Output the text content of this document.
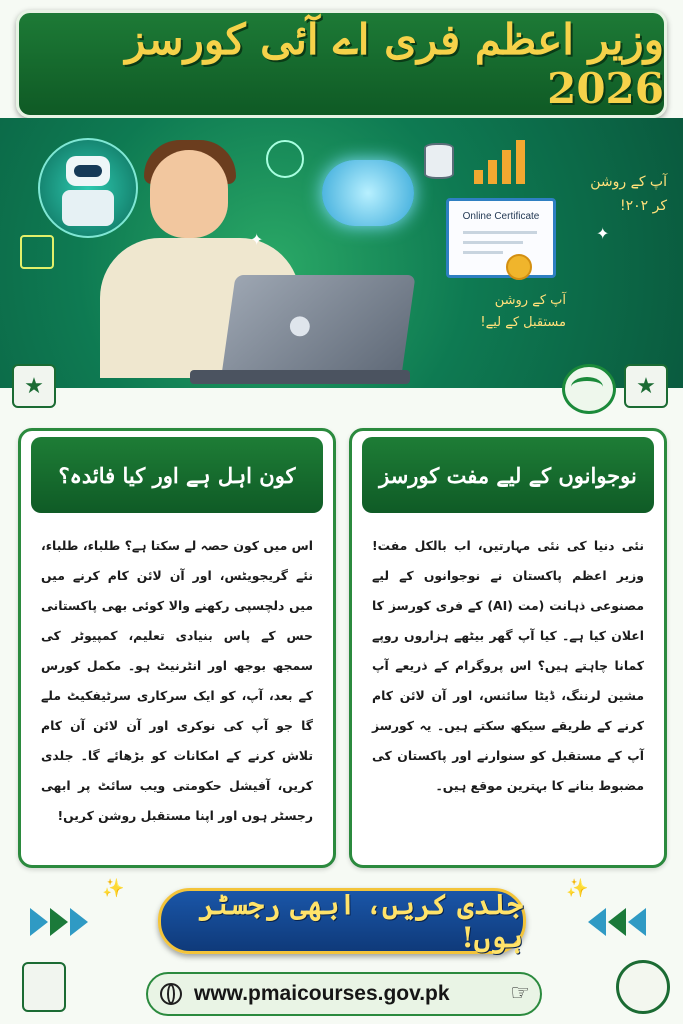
وزیر اعظم فری اے آئی کورسز 2026
●
Online Certificate
آپ کے روشن کر ۲۰۲!
آپ کے روشن مستقبل کے لیے!
✦
✦
★	★
نوجوانوں کے لیے مفت کورسز
نئی دنیا کی نئی مہارتیں، اب بالکل مفت! وزیر اعظم پاکستان نے نوجوانوں کے لیے مصنوعی ذہانت (مت (AI) کے فری کورسز کا اعلان کیا ہے۔ کیا آپ گھر بیٹھے ہزاروں روپے کمانا چاہتے ہیں؟ اس پروگرام کے ذریعے آپ مشین لرننگ، ڈیٹا سائنس، اور آن لائن کام کرنے کے طریقے سیکھ سکتے ہیں۔ یہ کورسز آپ کے مستقبل کو سنوارنے اور پاکستان کی مضبوط بنانے کا بہترین موقع ہیں۔
کون اہل ہے اور کیا فائدہ؟
اس میں کون حصہ لے سکتا ہے؟ طلباء، طلباء، نئے گریجویٹس، اور آن لائن کام کرنے میں میں دلچسپی رکھنے والا کوئی بھی پاکستانی حس کے پاس بنیادی تعلیم، کمپیوٹر کی سمجھ بوجھ اور انٹرنیٹ ہو۔ مکمل کورس کے بعد، آپ، کو ایک سرکاری سرٹیفکیٹ ملے گا جو آپ کی نوکری اور آن لائن آن کام تلاش کرنے کے امکانات کو بڑھائے گا۔ جلدی کریں، آفیشل حکومتی ویب سائٹ پر ابھی رجسٹر ہوں اور اپنا مستقبل روشن کریں!
✨	جلدی کریں، ابھی رجسٹر ہوں!
✨
www.pmaicourses.gov.pk	☞
